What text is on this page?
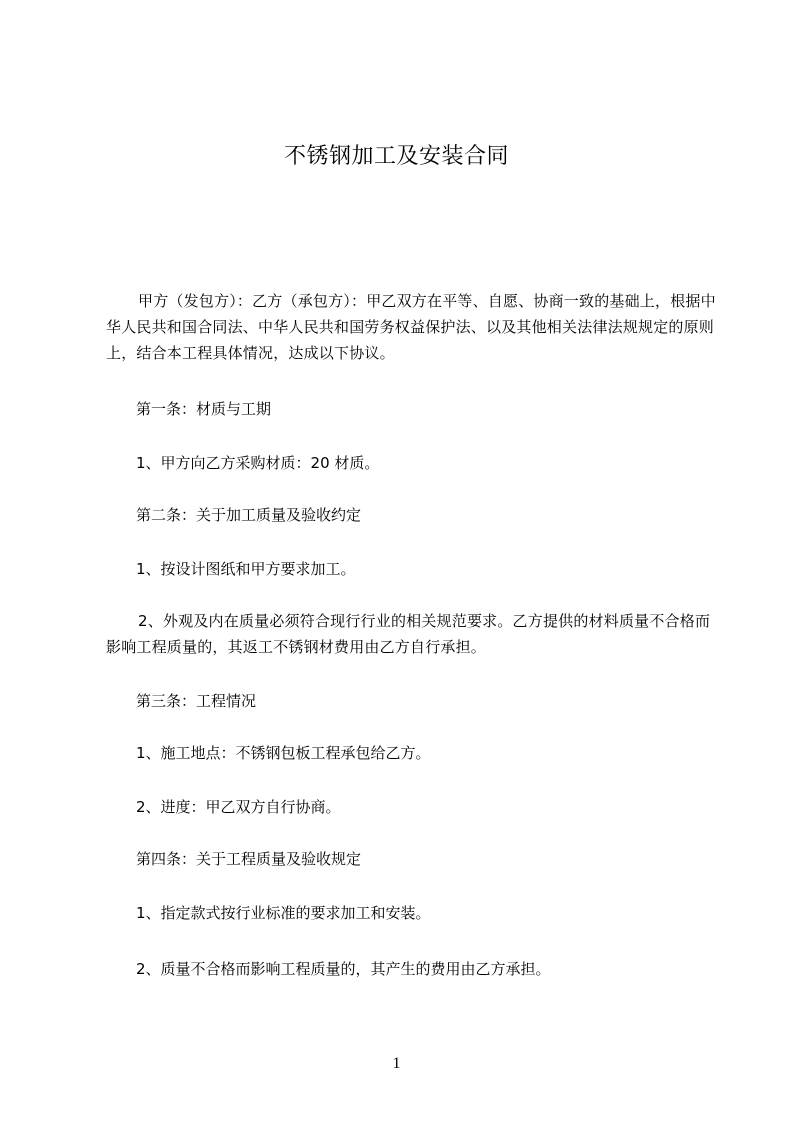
不锈钢加工及安装合同

甲方（发包方）：乙方（承包方）：甲乙双方在平等、自愿、协商一致的基础上，根据中华人民共和国合同法、中华人民共和国劳务权益保护法、以及其他相关法律法规规定的原则上，结合本工程具体情况，达成以下协议。

第一条：材质与工期
1、甲方向乙方采购材质：20 材质。
第二条：关于加工质量及验收约定
1、按设计图纸和甲方要求加工。
2、外观及内在质量必须符合现行行业的相关规范要求。乙方提供的材料质量不合格而影响工程质量的，其返工不锈钢材费用由乙方自行承担。
第三条：工程情况
1、施工地点：不锈钢包板工程承包给乙方。
2、进度：甲乙双方自行协商。
第四条：关于工程质量及验收规定
1、指定款式按行业标准的要求加工和安装。
2、质量不合格而影响工程质量的，其产生的费用由乙方承担。
1
